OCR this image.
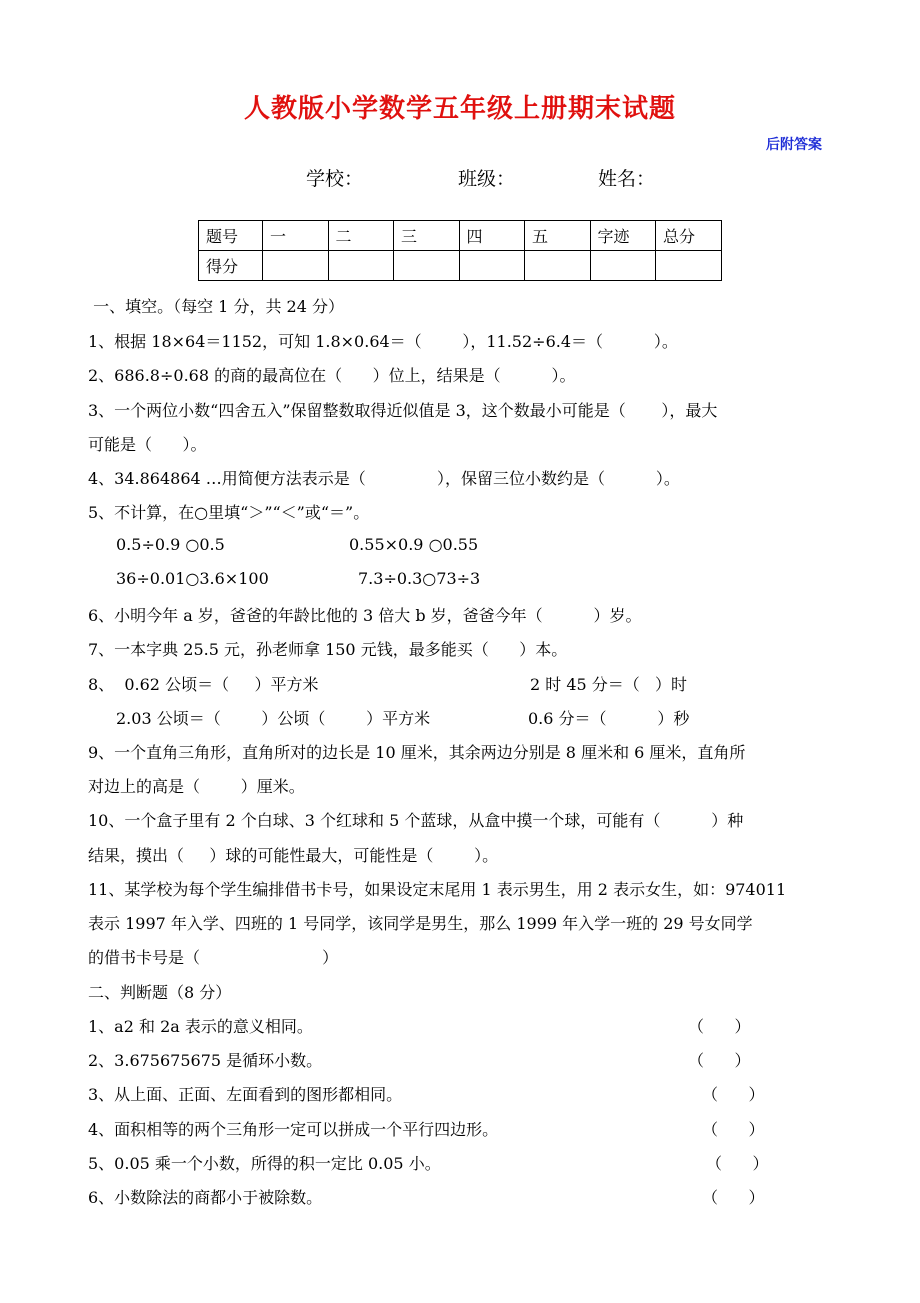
人教版小学数学五年级上册期末试题
后附答案
学校：	班级：	姓名：
题号	一	二	三	四	五	字迹	总分
得分							
一、填空。（每空 1 分，共 24 分）
1、根据 18×64＝1152，可知 1.8×0.64＝（        ），11.52÷6.4＝（          ）。
2、686.8÷0.68 的商的最高位在（      ）位上，结果是（          ）。
3、一个两位小数“四舍五入”保留整数取得近似值是 3，这个数最小可能是（       ），最大
可能是（      ）。
4、34.864864 …用简便方法表示是（              ），保留三位小数约是（          ）。
5、不计算，在○里填“＞”“＜”或“＝”。
0.5÷0.9 ○0.5	0.55×0.9 ○0.55
36÷0.01○3.6×100	7.3÷0.3○73÷3
6、小明今年 a 岁，爸爸的年龄比他的 3 倍大 b 岁，爸爸今年（          ）岁。
7、一本字典 25.5 元，孙老师拿 150 元钱，最多能买（      ）本。
8、  0.62 公顷＝（     ）平方米	2 时 45 分＝（   ）时
2.03 公顷＝（        ）公顷（        ）平方米	0.6 分＝（          ）秒
9、一个直角三角形，直角所对的边长是 10 厘米，其余两边分别是 8 厘米和 6 厘米，直角所
对边上的高是（        ）厘米。
10、一个盒子里有 2 个白球、3 个红球和 5 个蓝球，从盒中摸一个球，可能有（          ）种
结果，摸出（     ）球的可能性最大，可能性是（        ）。
11、某学校为每个学生编排借书卡号，如果设定末尾用 1 表示男生，用 2 表示女生，如：974011
表示 1997 年入学、四班的 1 号同学，该同学是男生，那么 1999 年入学一班的 29 号女同学
的借书卡号是（                        ）
二、判断题（8 分）
1、a2 和 2a 表示的意义相同。	（      ）
2、3.675675675 是循环小数。	（      ）
3、从上面、正面、左面看到的图形都相同。	（      ）
4、面积相等的两个三角形一定可以拼成一个平行四边形。	（      ）
5、0.05 乘一个小数，所得的积一定比 0.05 小。	（      ）
6、小数除法的商都小于被除数。	（      ）
